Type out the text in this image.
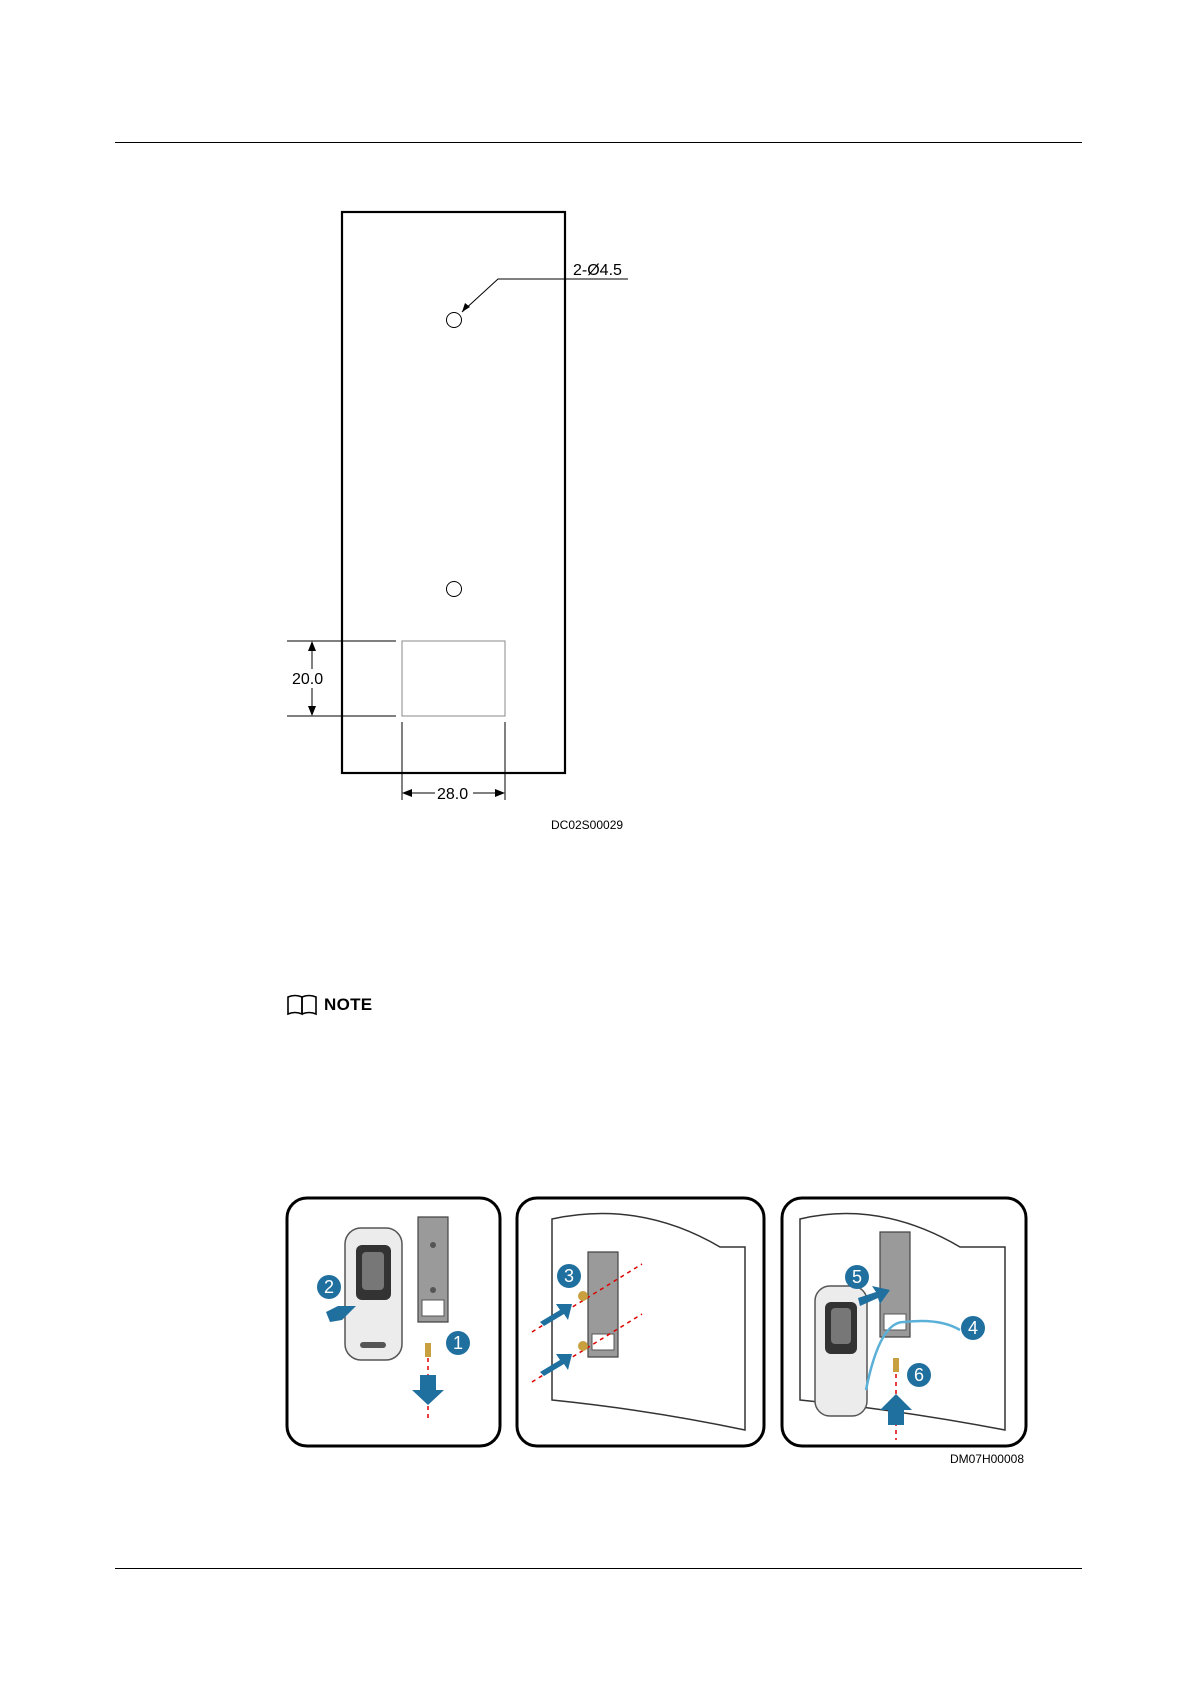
2-Ø4.5
20.0
28.0
DC02S00029
NOTE
1
2
3
4
5
6
DM07H00008
